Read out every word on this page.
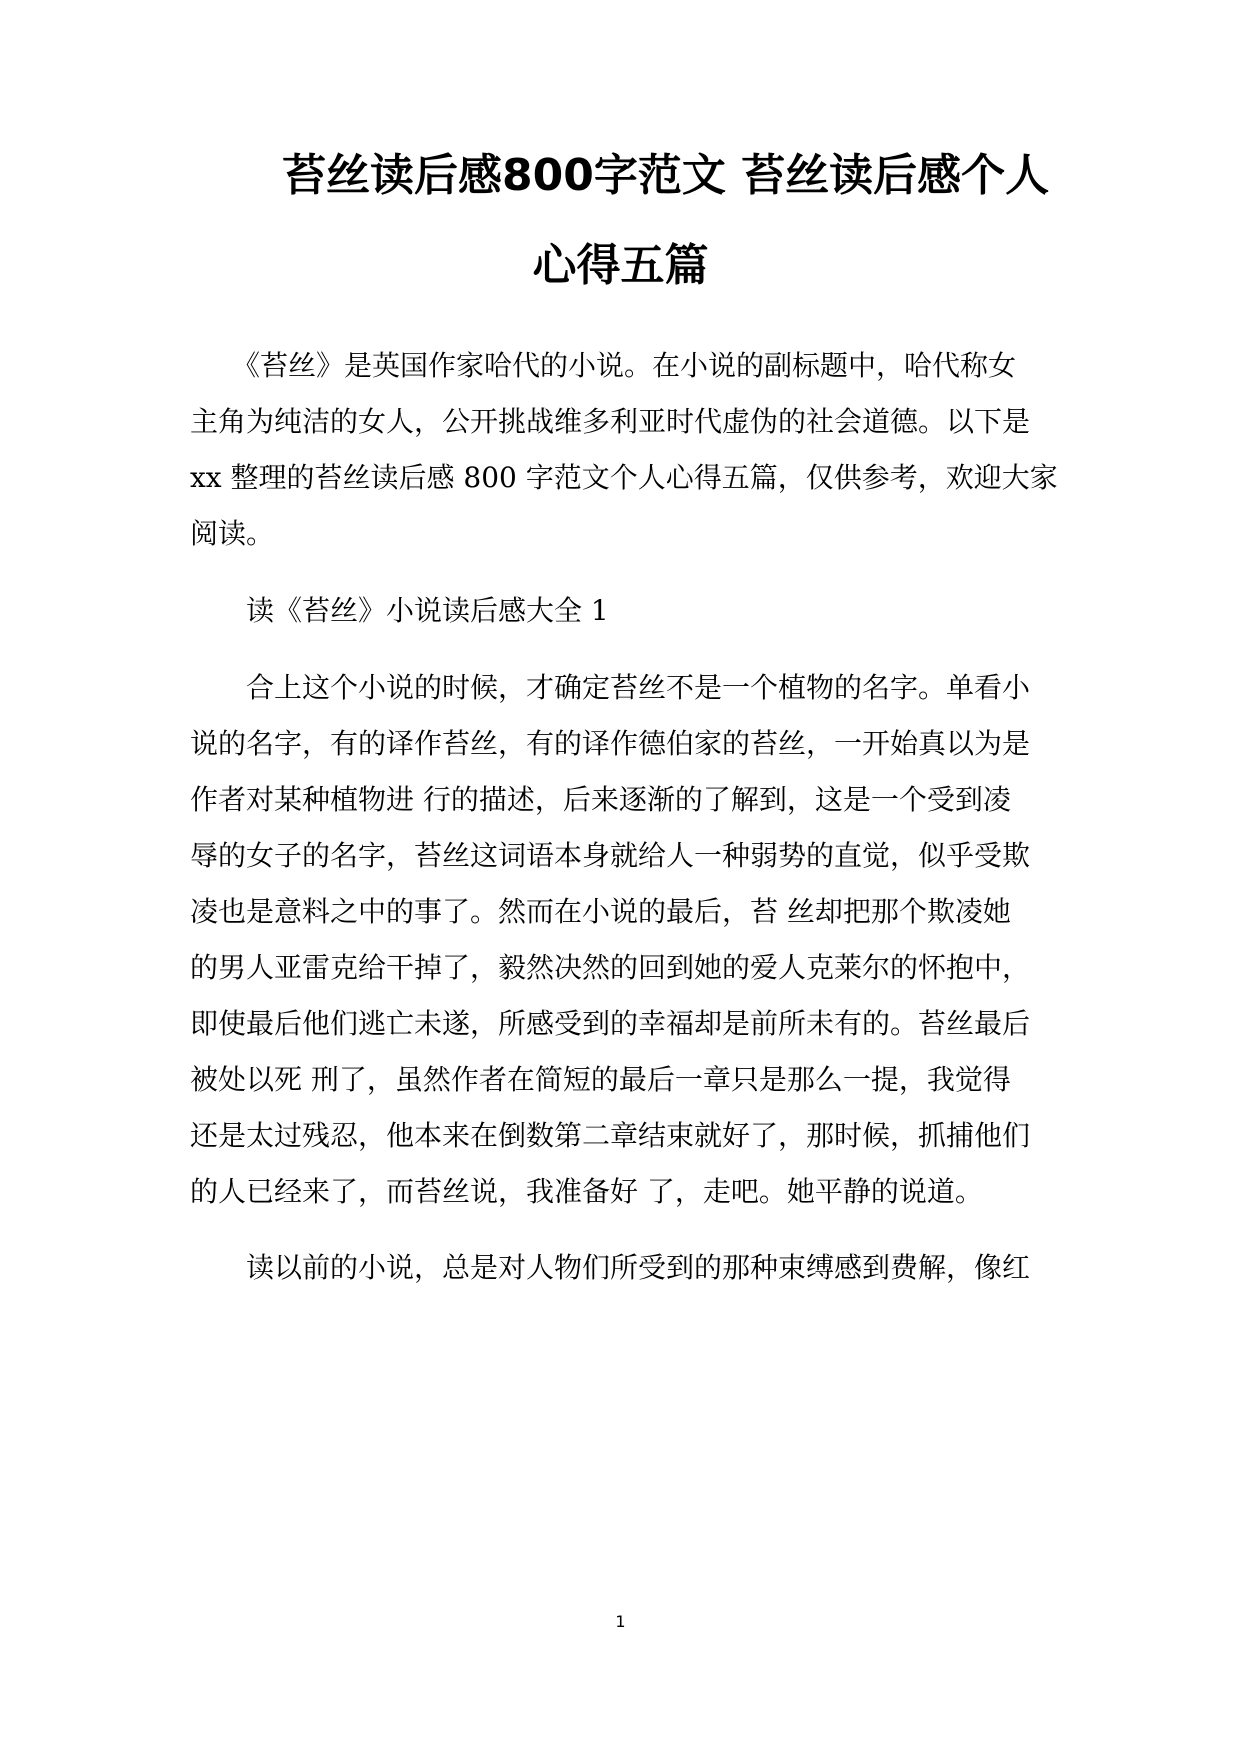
苔丝读后感800字范文 苔丝读后感个人
心得五篇
　　《苔丝》是英国作家哈代的小说。在小说的副标题中，哈代称女
主角为纯洁的女人，公开挑战维多利亚时代虚伪的社会道德。以下是
xx 整理的苔丝读后感 800 字范文个人心得五篇，仅供参考，欢迎大家
阅读。
　　读《苔丝》小说读后感大全 1
　　合上这个小说的时候，才确定苔丝不是一个植物的名字。单看小
说的名字，有的译作苔丝，有的译作德伯家的苔丝，一开始真以为是
作者对某种植物进 行的描述，后来逐渐的了解到，这是一个受到凌
辱的女子的名字，苔丝这词语本身就给人一种弱势的直觉，似乎受欺
凌也是意料之中的事了。然而在小说的最后，苔 丝却把那个欺凌她
的男人亚雷克给干掉了，毅然决然的回到她的爱人克莱尔的怀抱中，
即使最后他们逃亡未遂，所感受到的幸福却是前所未有的。苔丝最后
被处以死 刑了，虽然作者在简短的最后一章只是那么一提，我觉得
还是太过残忍，他本来在倒数第二章结束就好了，那时候，抓捕他们
的人已经来了，而苔丝说，我准备好 了，走吧。她平静的说道。
　　读以前的小说，总是对人物们所受到的那种束缚感到费解，像红
1
